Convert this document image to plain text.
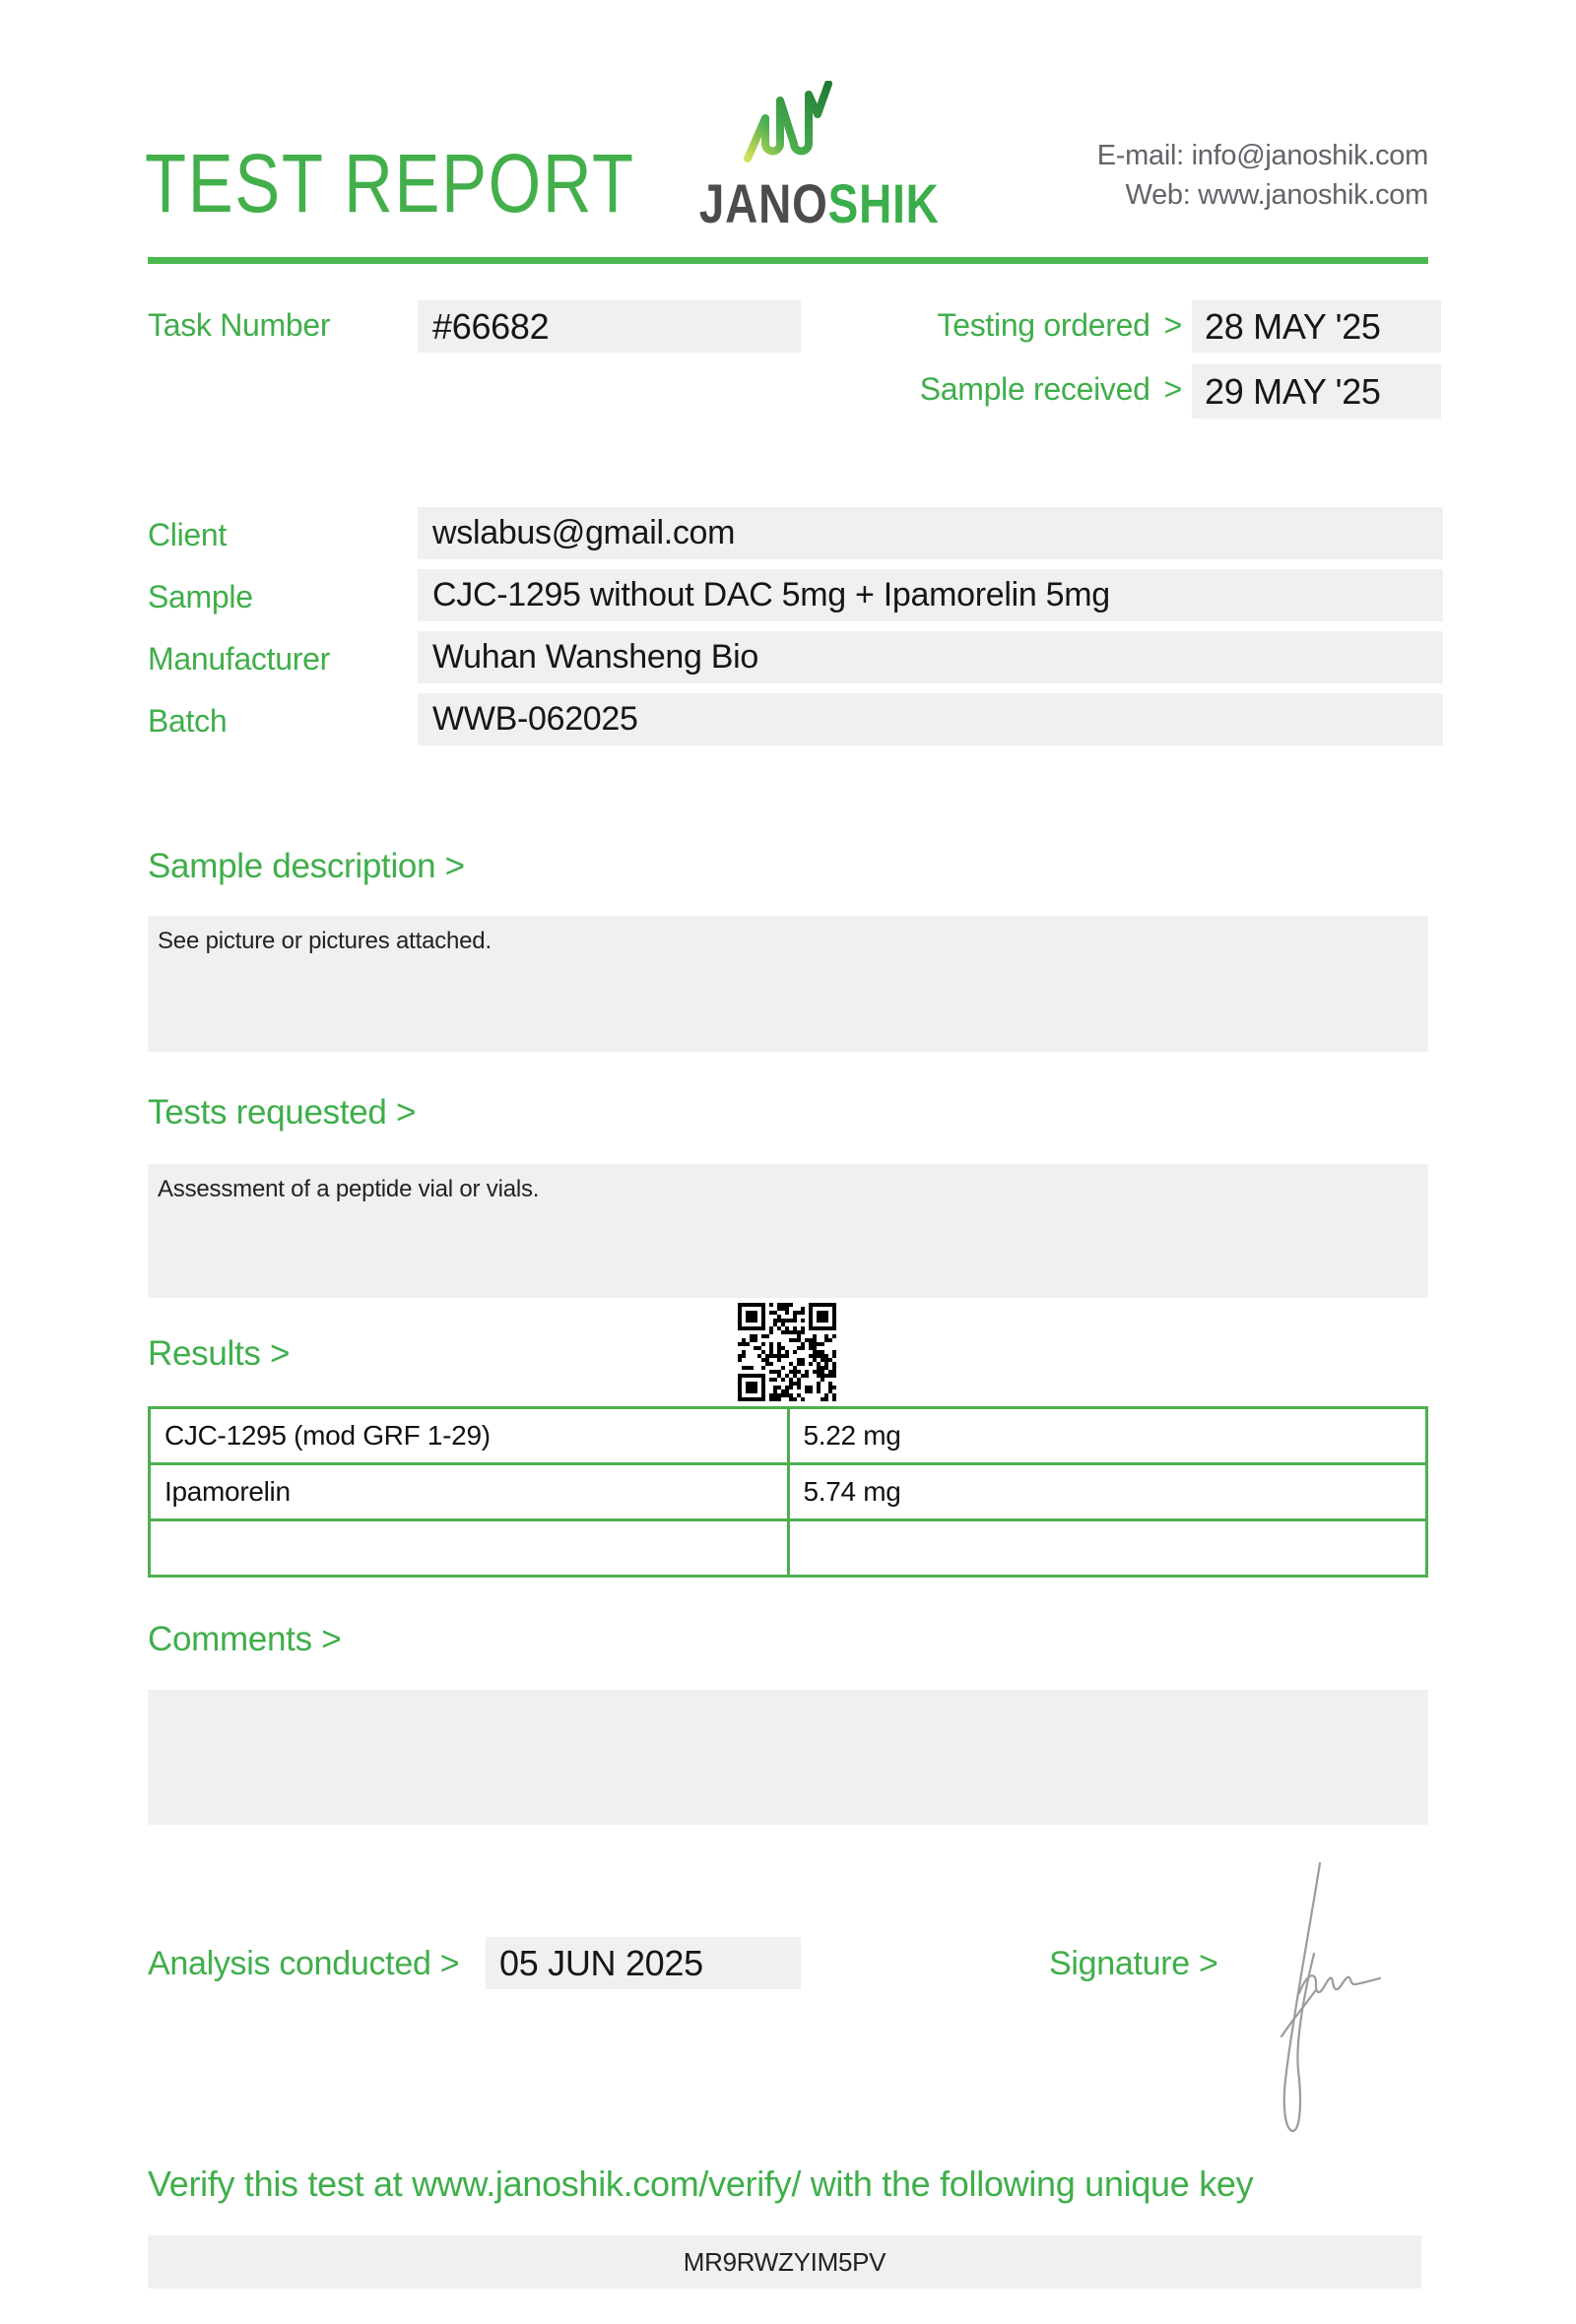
TEST REPORT JANOSHIK
E-mail: info@janoshik.com
Web: www.janoshik.com
Task Number	#66682	Testing ordered > 28 MAY '25
Sample received > 29 MAY '25
Client	wslabus@gmail.com
Sample	CJC-1295 without DAC 5mg + Ipamorelin 5mg
Manufacturer	Wuhan Wansheng Bio
Batch	WWB-062025
Sample description >
See picture or pictures attached.
Tests requested >
Assessment of a peptide vial or vials.
Results >
CJC-1295 (mod GRF 1-29)	5.22 mg
Ipamorelin	5.74 mg

Comments >
Analysis conducted >	05 JUN 2025	Signature >
Verify this test at www.janoshik.com/verify/ with the following unique key
MR9RWZYIM5PV
